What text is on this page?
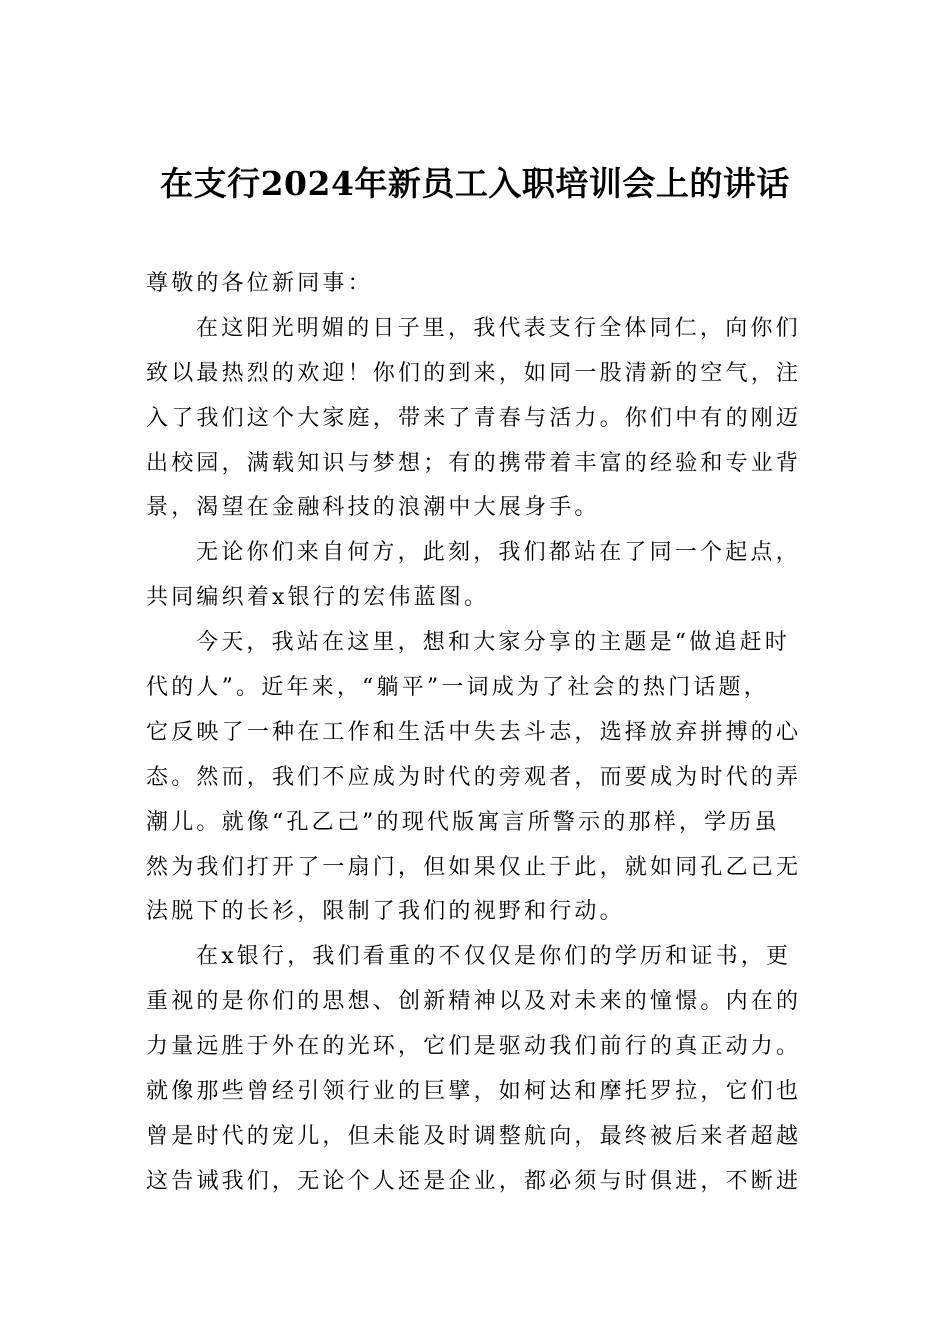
在支行2024年新员工入职培训会上的讲话
尊敬的各位新同事：
在这阳光明媚的日子里，我代表支行全体同仁，向你们
致以最热烈的欢迎！你们的到来，如同一股清新的空气，注
入了我们这个大家庭，带来了青春与活力。你们中有的刚迈
出校园，满载知识与梦想；有的携带着丰富的经验和专业背
景，渴望在金融科技的浪潮中大展身手。
无论你们来自何方，此刻，我们都站在了同一个起点，
共同编织着x银行的宏伟蓝图。
今天，我站在这里，想和大家分享的主题是“做追赶时
代的人”。近年来，“躺平”一词成为了社会的热门话题，
它反映了一种在工作和生活中失去斗志，选择放弃拼搏的心
态。然而，我们不应成为时代的旁观者，而要成为时代的弄
潮儿。就像“孔乙己”的现代版寓言所警示的那样，学历虽
然为我们打开了一扇门，但如果仅止于此，就如同孔乙己无
法脱下的长衫，限制了我们的视野和行动。
在x银行，我们看重的不仅仅是你们的学历和证书，更
重视的是你们的思想、创新精神以及对未来的憧憬。内在的
力量远胜于外在的光环，它们是驱动我们前行的真正动力。
就像那些曾经引领行业的巨擘，如柯达和摩托罗拉，它们也
曾是时代的宠儿，但未能及时调整航向，最终被后来者超越
这告诫我们，无论个人还是企业，都必须与时俱进，不断进
